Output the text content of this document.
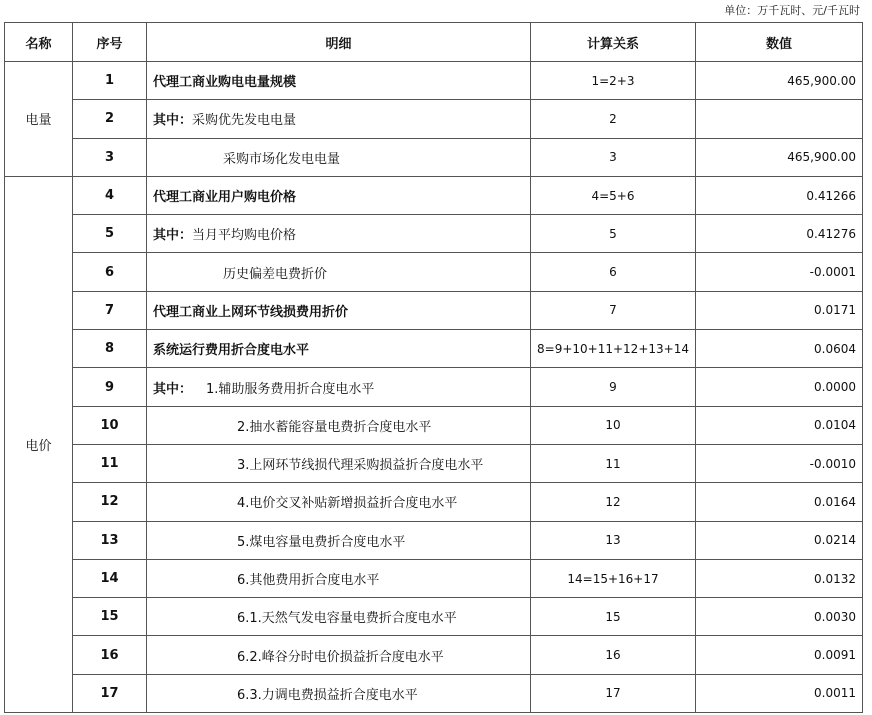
单位：万千瓦时、元/千瓦时
名称	序号	明细	计算关系	数值
电量	1	代理工商业购电电量规模	1=2+3	465,900.00
	2	其中：采购优先发电电量	2	
	3	采购市场化发电电量	3	465,900.00
电价	4	代理工商业用户购电价格	4=5+6	0.41266
	5	其中：当月平均购电价格	5	0.41276
	6	历史偏差电费折价	6	-0.0001
	7	代理工商业上网环节线损费用折价	7	0.0171
	8	系统运行费用折合度电水平	8=9+10+11+12+13+14	0.0604
	9	其中： 1.辅助服务费用折合度电水平	9	0.0000
	10	2.抽水蓄能容量电费折合度电水平	10	0.0104
	11	3.上网环节线损代理采购损益折合度电水平	11	-0.0010
	12	4.电价交叉补贴新增损益折合度电水平	12	0.0164
	13	5.煤电容量电费折合度电水平	13	0.0214
	14	6.其他费用折合度电水平	14=15+16+17	0.0132
	15	6.1.天然气发电容量电费折合度电水平	15	0.0030
	16	6.2.峰谷分时电价损益折合度电水平	16	0.0091
	17	6.3.力调电费损益折合度电水平	17	0.0011
